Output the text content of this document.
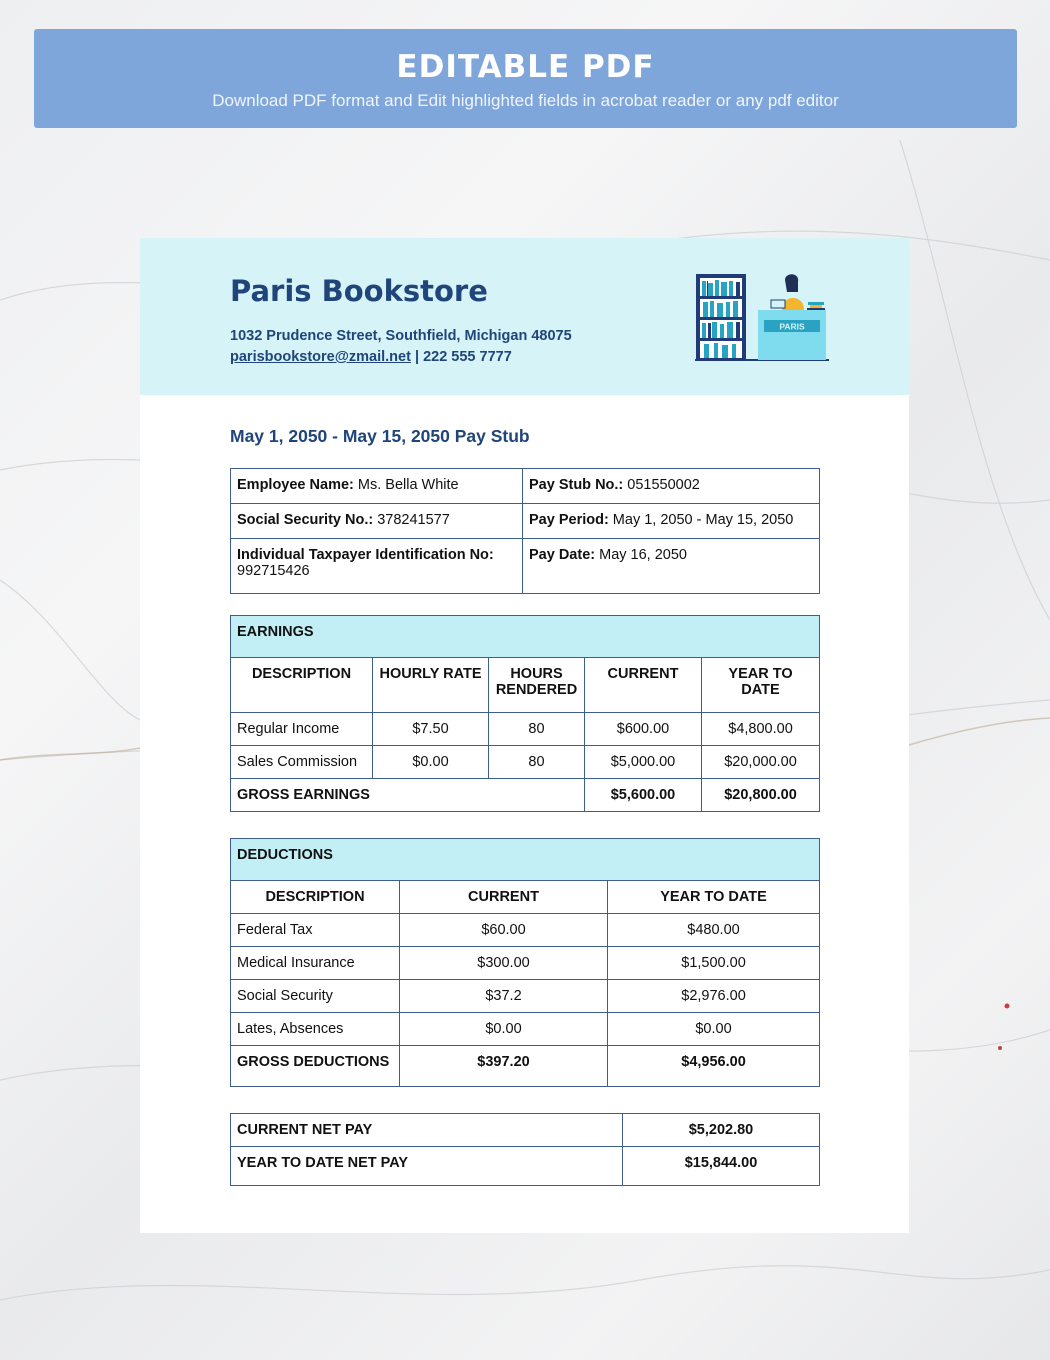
EDITABLE PDF
Download PDF format and Edit highlighted fields in acrobat reader or any pdf editor
Paris Bookstore
1032 Prudence Street, Southfield, Michigan 48075
parisbookstore@zmail.net | 222 555 7777
PARIS
May 1, 2050 - May 15, 2050 Pay Stub
Employee Name: Ms. Bella White	Pay Stub No.: 051550002
Social Security No.: 378241577	Pay Period: May 1, 2050 - May 15, 2050
Individual Taxpayer Identification No:
992715426	Pay Date: May 16, 2050
EARNINGS				
DESCRIPTION	HOURLY RATE	HOURS RENDERED	CURRENT	YEAR TO DATE
Regular Income	$7.50	80	$600.00	$4,800.00
Sales Commission	$0.00	80	$5,000.00	$20,000.00
GROSS EARNINGS			$5,600.00	$20,800.00
DEDUCTIONS		
DESCRIPTION	CURRENT	YEAR TO DATE
Federal Tax	$60.00	$480.00
Medical Insurance	$300.00	$1,500.00
Social Security	$37.2	$2,976.00
Lates, Absences	$0.00	$0.00
GROSS DEDUCTIONS	$397.20	$4,956.00
CURRENT NET PAY	$5,202.80
YEAR TO DATE NET PAY	$15,844.00
